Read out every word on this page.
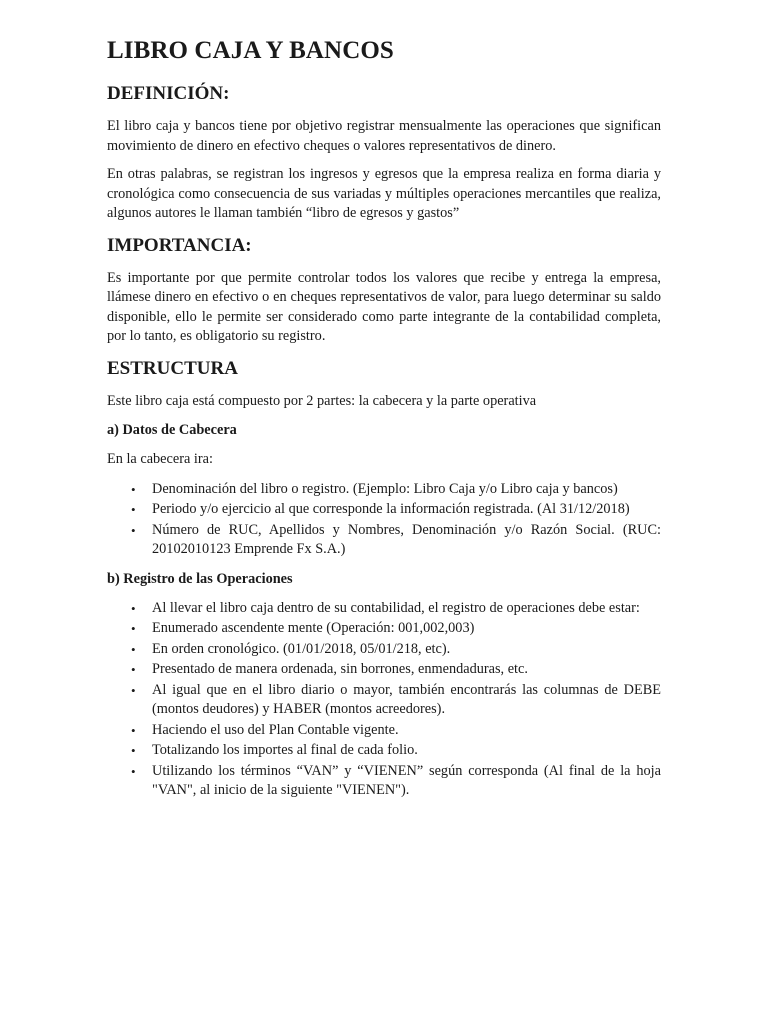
LIBRO CAJA Y BANCOS
DEFINICIÓN:

El libro caja y bancos tiene por objetivo registrar mensualmente las operaciones que significan movimiento de dinero en efectivo cheques o valores representativos de dinero.

En otras palabras, se registran los ingresos y egresos que la empresa realiza en forma diaria y cronológica como consecuencia de sus variadas y múltiples operaciones mercantiles que realiza, algunos autores le llaman también “libro de egresos y gastos”

IMPORTANCIA:

Es importante por que permite controlar todos los valores que recibe y entrega la empresa, llámese dinero en efectivo o en cheques representativos de valor, para luego determinar su saldo disponible, ello le permite ser considerado como parte integrante de la contabilidad completa, por lo tanto, es obligatorio su registro.

ESTRUCTURA

Este libro caja está compuesto por 2 partes: la cabecera y la parte operativa

a) Datos de Cabecera

En la cabecera ira:

• Denominación del libro o registro. (Ejemplo: Libro Caja y/o Libro caja y bancos)
• Periodo y/o ejercicio al que corresponde la información registrada. (Al 31/12/2018)
• Número de RUC, Apellidos y Nombres, Denominación y/o Razón Social. (RUC: 20102010123 Emprende Fx S.A.)
b) Registro de las Operaciones
• Al llevar el libro caja dentro de su contabilidad, el registro de operaciones debe estar:
• Enumerado ascendente mente (Operación: 001,002,003)
• En orden cronológico. (01/01/2018, 05/01/218, etc).
• Presentado de manera ordenada, sin borrones, enmendaduras, etc.
• Al igual que en el libro diario o mayor, también encontrarás las columnas de DEBE (montos deudores) y HABER (montos acreedores).
• Haciendo el uso del Plan Contable vigente.
• Totalizando los importes al final de cada folio.
• Utilizando los términos “VAN” y “VIENEN” según corresponda (Al final de la hoja "VAN", al inicio de la siguiente "VIENEN").
